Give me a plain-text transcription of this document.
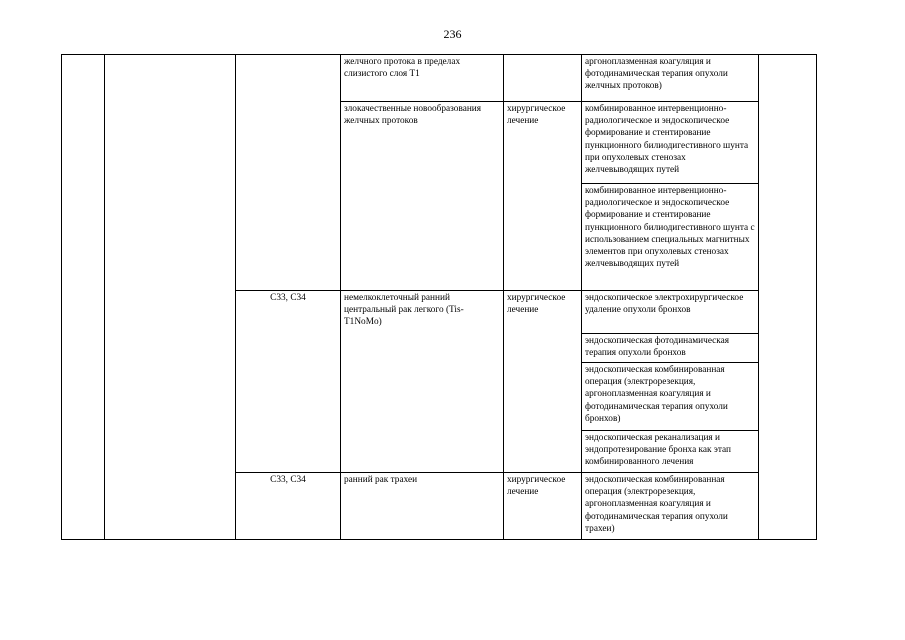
236
			желчного протока в пределах слизистого слоя T1		аргоноплазменная коагуляция и фотодинамическая терапия опухоли желчных протоков)	
			злокачественные новообразования желчных протоков	хирургическое лечение	комбинированное интервенционно-радиологическое и эндоскопическое формирование и стентирование пункционного билиодигестивного шунта при опухолевых стенозах желчевыводящих путей	
					комбинированное интервенционно-радиологическое и эндоскопическое формирование и стентирование пункционного билиодигестивного шунта с использованием специальных магнитных элементов при опухолевых стенозах желчевыводящих путей	
		С33, С34	немелкоклеточный ранний центральный рак легкого (Tis-T1NoMo)	хирургическое лечение	эндоскопическое электрохирургическое удаление опухоли бронхов	
					эндоскопическая фотодинамическая терапия опухоли бронхов	
					эндоскопическая комбинированная операция (электрорезекция, аргоноплазменная коагуляция и фотодинамическая терапия опухоли бронхов)	
					эндоскопическая реканализация и эндопротезирование бронха как этап комбинированного лечения	
		С33, С34	ранний рак трахеи	хирургическое лечение	эндоскопическая комбинированная операция (электрорезекция, аргоноплазменная коагуляция и фотодинамическая терапия опухоли трахеи)	
